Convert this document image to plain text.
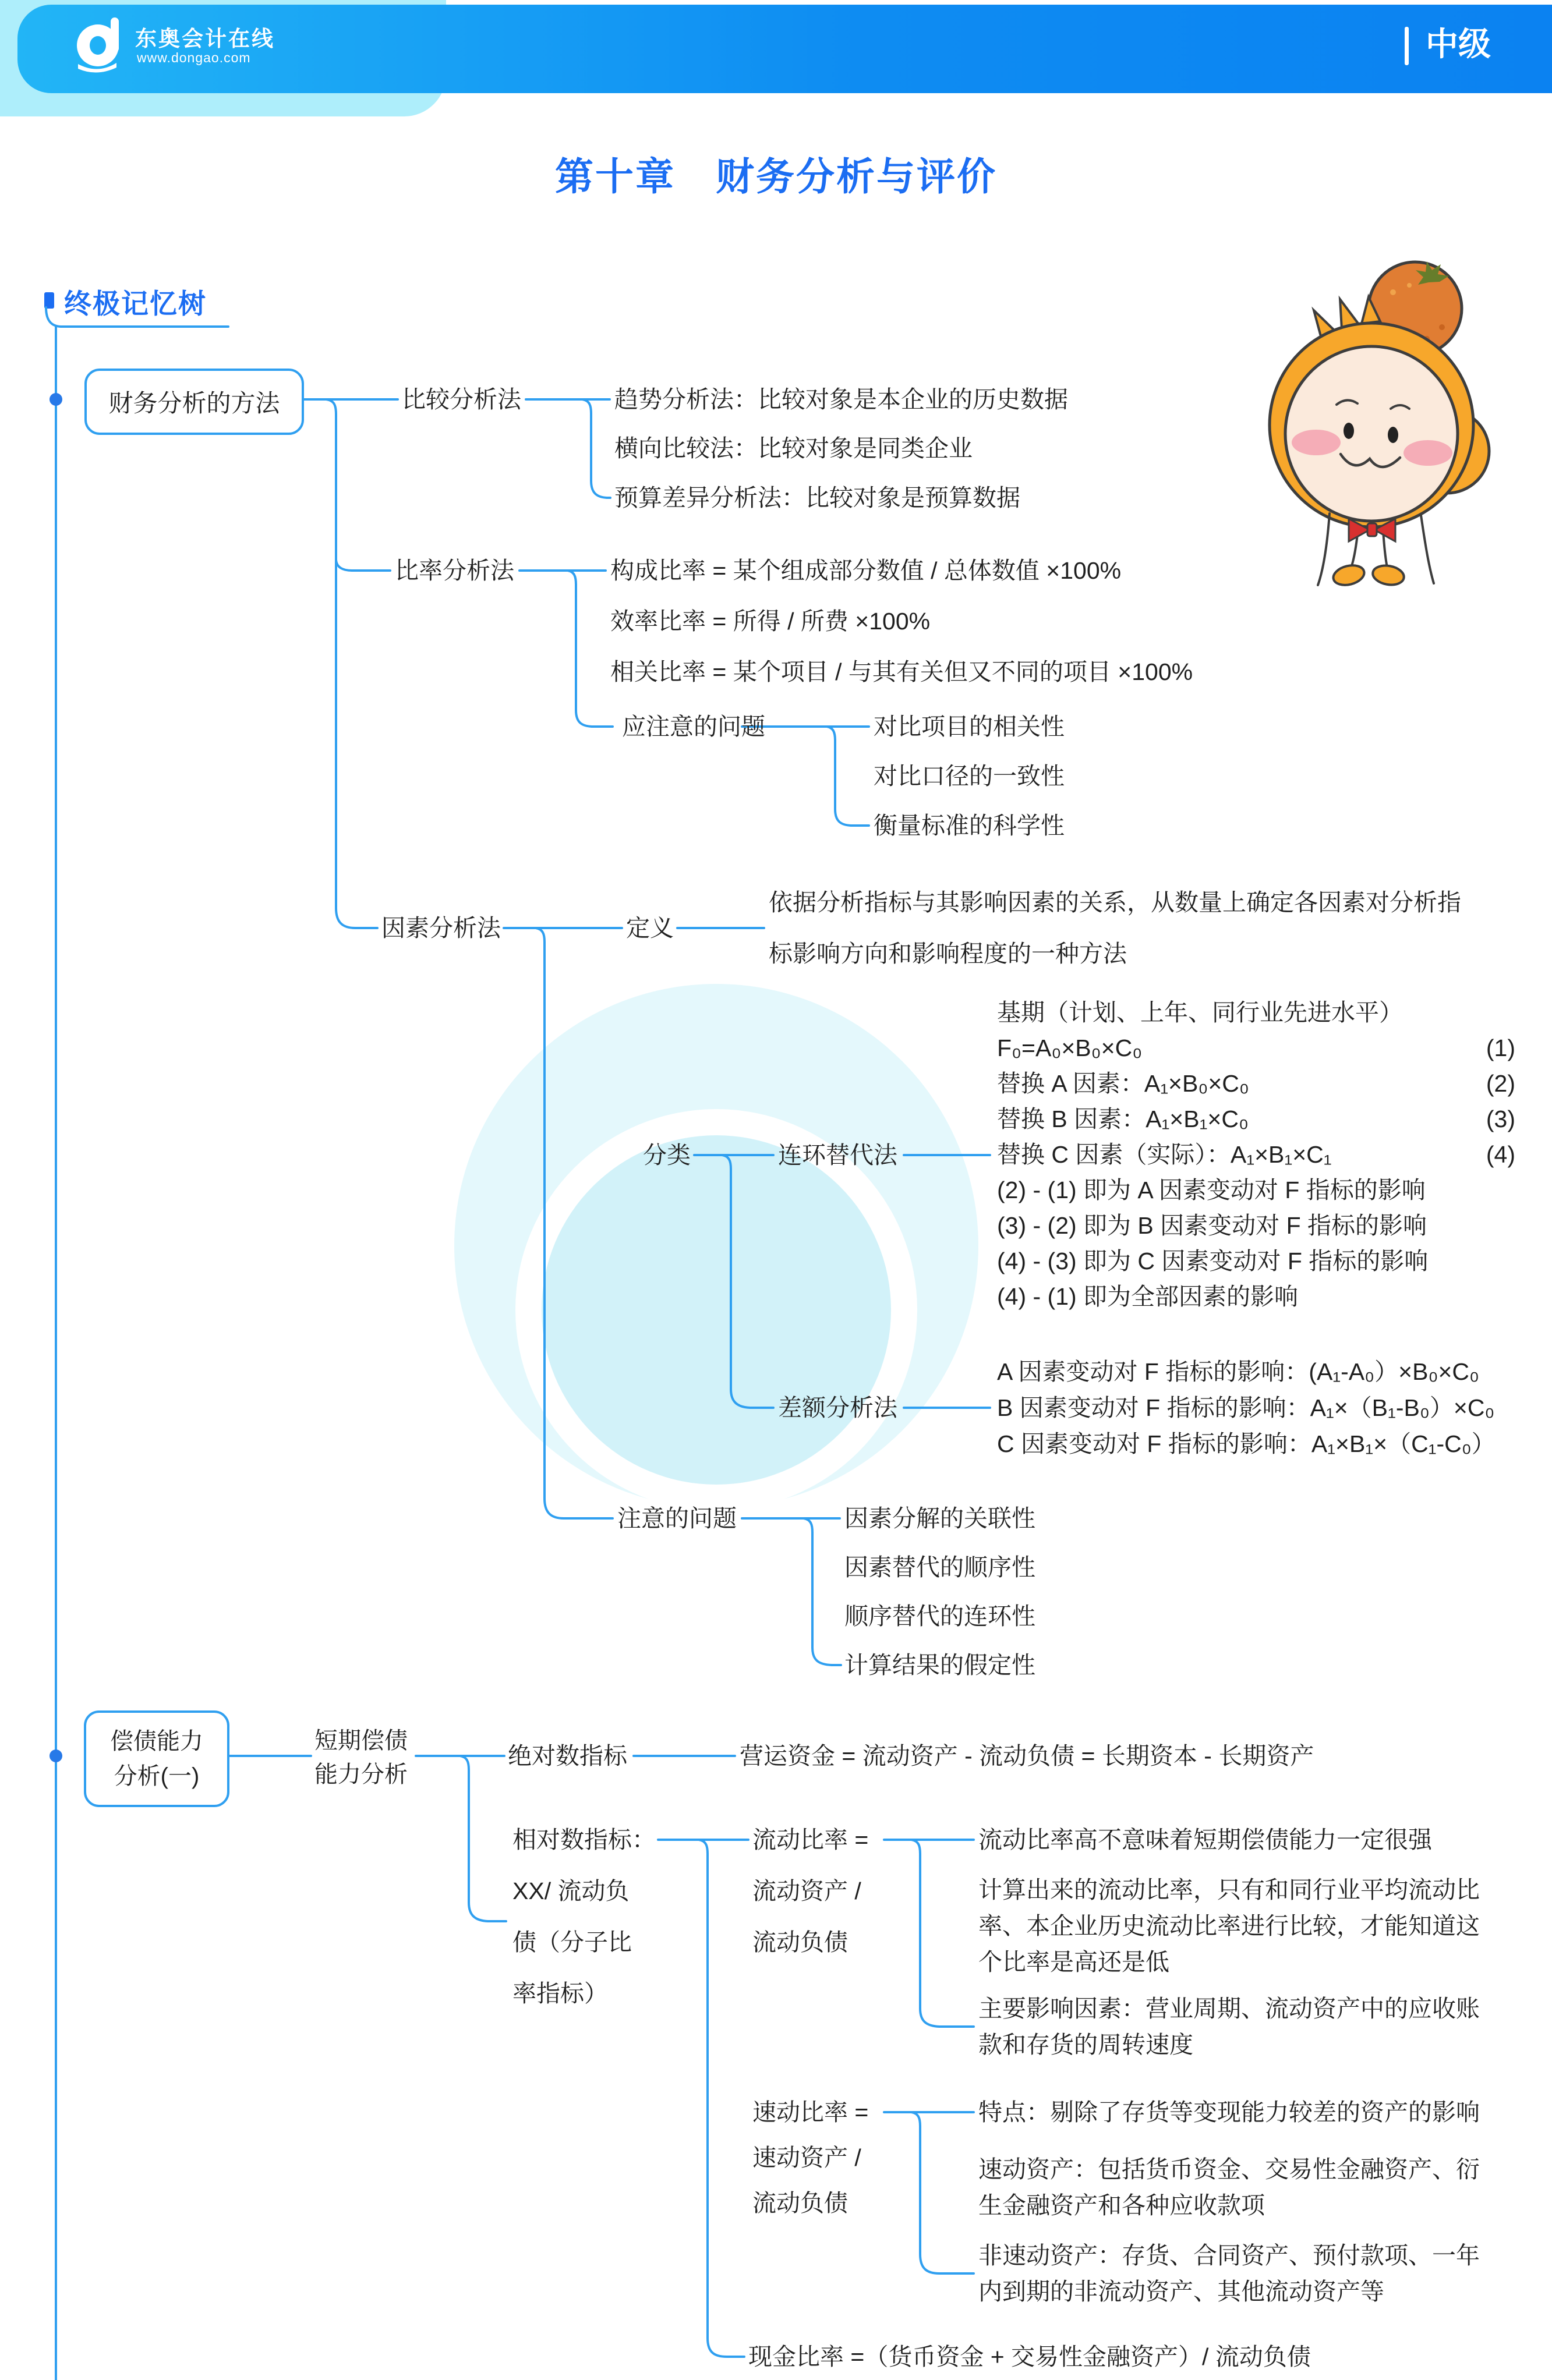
东奥会计在线
www.dongao.com	中级
第十章　财务分析与评价
终极记忆树
财务分析的方法	比较分析法	趋势分析法：比较对象是本企业的历史数据
横向比较法：比较对象是同类企业
预算差异分析法：比较对象是预算数据
比率分析法	构成比率 = 某个组成部分数值 / 总体数值 ×100%
效率比率 = 所得 / 所费 ×100%
相关比率 = 某个项目 / 与其有关但又不同的项目 ×100%
应注意的问题	对比项目的相关性
对比口径的一致性
衡量标准的科学性
因素分析法	定义
依据分析指标与其影响因素的关系，从数量上确定各因素对分析指
标影响方向和影响程度的一种方法
分类	连环替代法
基期（计划、上年、同行业先进水平）
F₀=A₀×B₀×C₀	(1)
替换 A 因素：A₁×B₀×C₀	(2)
替换 B 因素：A₁×B₁×C₀	(3)
替换 C 因素（实际）：A₁×B₁×C₁	(4)
(2) - (1) 即为 A 因素变动对 F 指标的影响
(3) - (2) 即为 B 因素变动对 F 指标的影响
(4) - (3) 即为 C 因素变动对 F 指标的影响
(4) - (1) 即为全部因素的影响
差额分析法
A 因素变动对 F 指标的影响：(A₁-A₀）×B₀×C₀
B 因素变动对 F 指标的影响：A₁×（B₁-B₀）×C₀
C 因素变动对 F 指标的影响：A₁×B₁×（C₁-C₀）
注意的问题	因素分解的关联性
因素替代的顺序性
顺序替代的连环性
计算结果的假定性
偿债能力
分析(一)
短期偿债
能力分析
绝对数指标	营运资金 = 流动资产 - 流动负债 = 长期资本 - 长期资产
相对数指标：
XX/ 流动负
债（分子比
率指标）
流动比率 =
流动资产 /
流动负债
流动比率高不意味着短期偿债能力一定很强
计算出来的流动比率，只有和同行业平均流动比
率、本企业历史流动比率进行比较，才能知道这
个比率是高还是低
主要影响因素：营业周期、流动资产中的应收账
款和存货的周转速度
速动比率 =
速动资产 /
流动负债
特点：剔除了存货等变现能力较差的资产的影响
速动资产：包括货币资金、交易性金融资产、衍
生金融资产和各种应收款项
非速动资产：存货、合同资产、预付款项、一年
内到期的非流动资产、其他流动资产等
现金比率 =（货币资金 + 交易性金融资产）/ 流动负债
